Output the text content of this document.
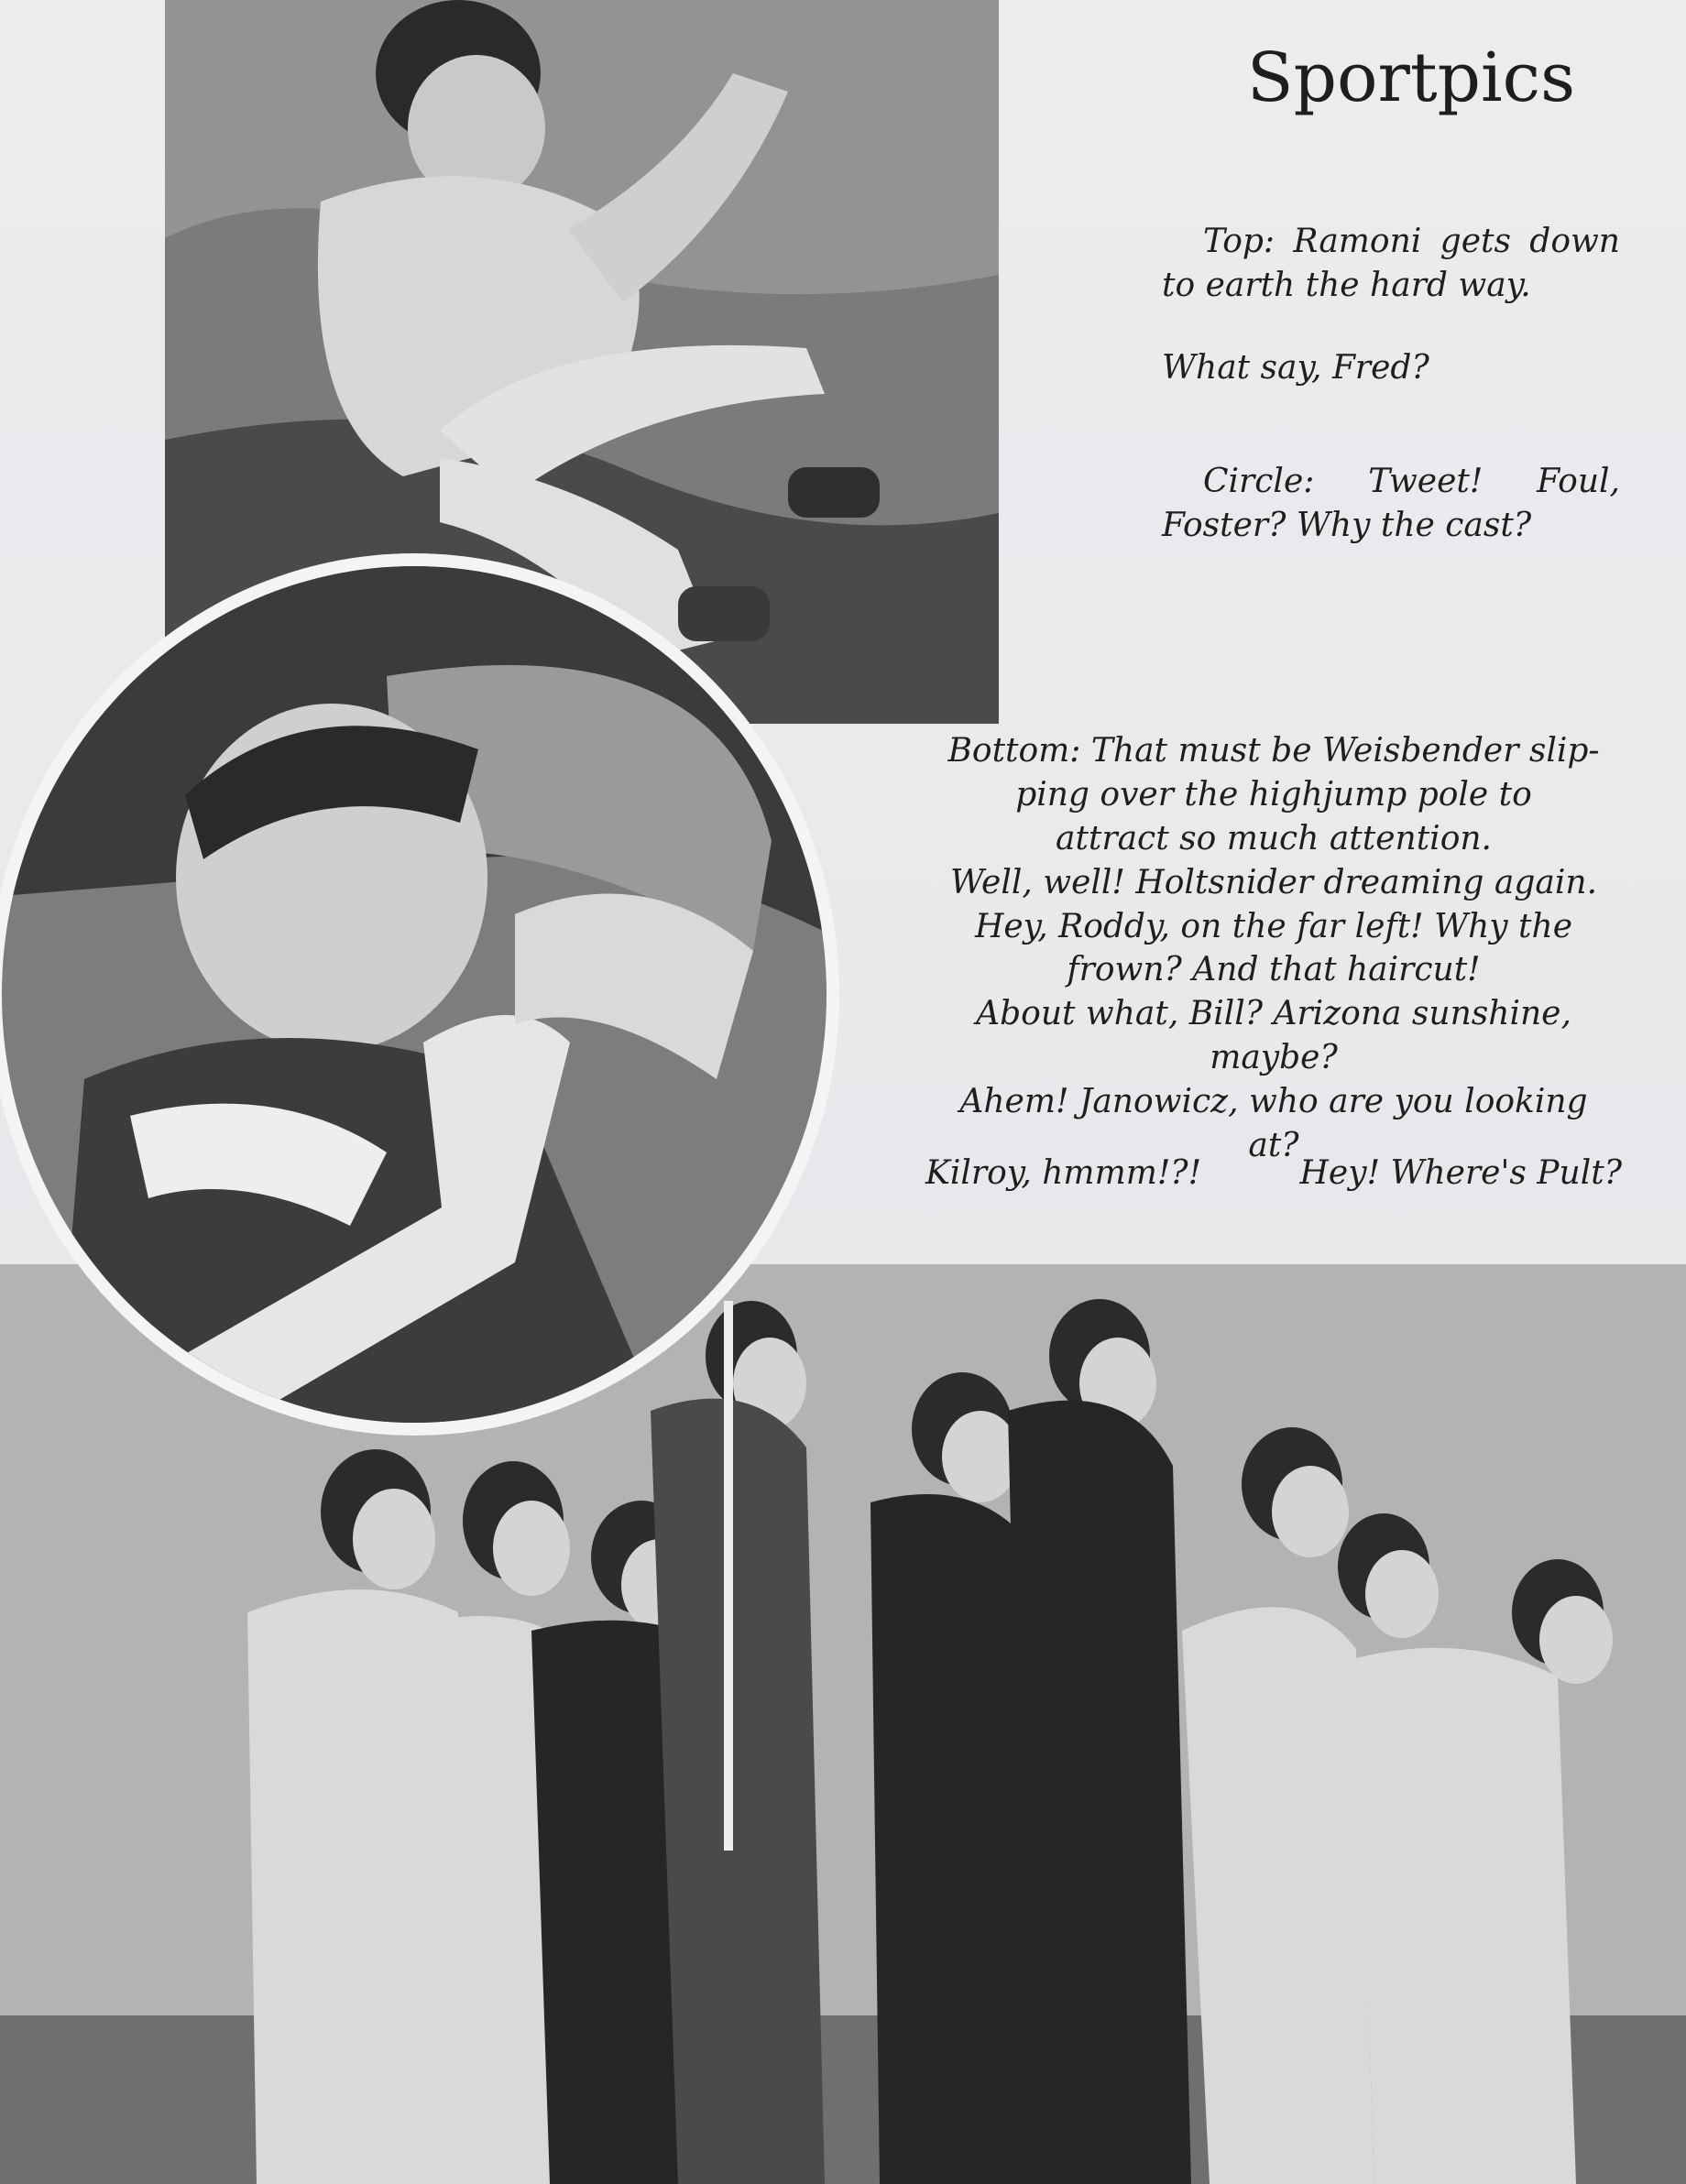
Sportpics

Top: Ramoni gets down to earth the hard way.

What say, Fred?

Circle: Tweet! Foul, Foster? Why the cast?

Bottom: That must be Weisbender slip-
ping over the highjump pole to
attract so much attention.
Well, well! Holtsnider dreaming again.
Hey, Roddy, on the far left! Why the
frown? And that haircut!
About what, Bill? Arizona sunshine,
maybe?
Ahem! Janowicz, who are you looking
at?
Kilroy, hmmm!?!	Hey! Where's Pult?
